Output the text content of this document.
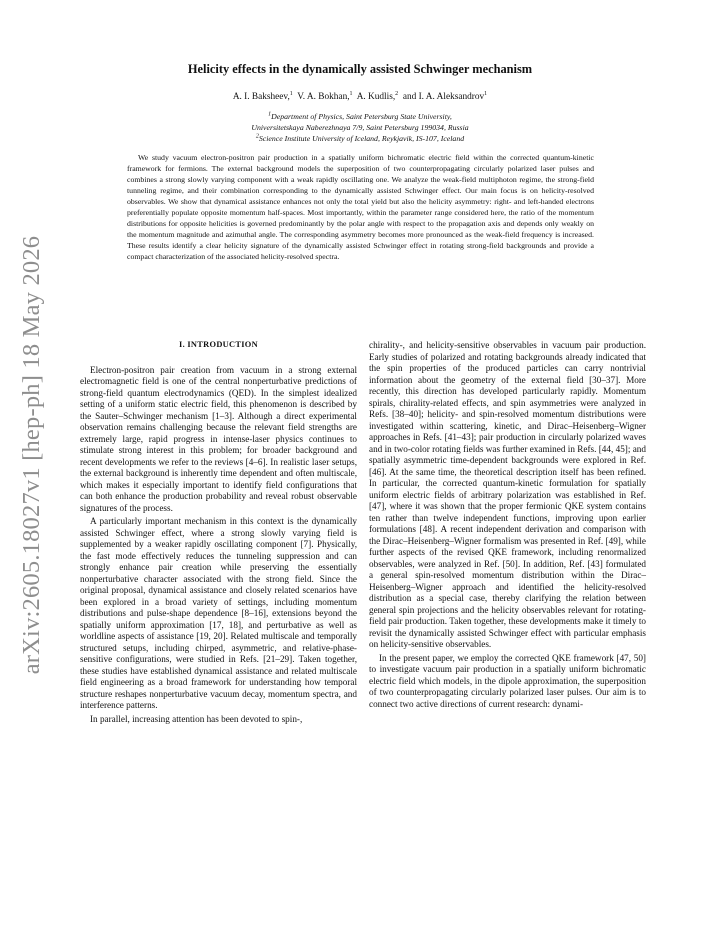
arXiv:2605.18027v1 [hep-ph] 18 May 2026
Helicity effects in the dynamically assisted Schwinger mechanism
A. I. Baksheev,$^1$ V. A. Bokhan,$^1$ A. Kudlis,$^2$ and I. A. Aleksandrov$^1$
$^1$Department of Physics, Saint Petersburg State University,
Universitetskaya Naberezhnaya 7/9, Saint Petersburg 199034, Russia
$^2$Science Institute University of Iceland, Reykjavik, IS-107, Iceland

We study vacuum electron-positron pair production in a spatially uniform bichromatic electric field within the corrected quantum-kinetic framework for fermions. The external background models the superposition of two counterpropagating circularly polarized laser pulses and combines a strong slowly varying component with a weak rapidly oscillating one. We analyze the weak-field multiphoton regime, the strong-field tunneling regime, and their combination corresponding to the dynamically assisted Schwinger effect. Our main focus is on helicity-resolved observables. We show that dynamical assistance enhances not only the total yield but also the helicity asymmetry: right- and left-handed electrons preferentially populate opposite momentum half-spaces. Most importantly, within the parameter range considered here, the ratio of the momentum distributions for opposite helicities is governed predominantly by the polar angle with respect to the propagation axis and depends only weakly on the momentum magnitude and azimuthal angle. The corresponding asymmetry becomes more pronounced as the weak-field frequency is increased. These results identify a clear helicity signature of the dynamically assisted Schwinger effect in rotating strong-field backgrounds and provide a compact characterization of the associated helicity-resolved spectra.

I. INTRODUCTION

Electron-positron pair creation from vacuum in a strong external electromagnetic field is one of the central nonperturbative predictions of strong-field quantum electrodynamics (QED). In the simplest idealized setting of a uniform static electric field, this phenomenon is described by the Sauter–Schwinger mechanism [1–3]. Although a direct experimental observation remains challenging because the relevant field strengths are extremely large, rapid progress in intense-laser physics continues to stimulate strong interest in this problem; for broader background and recent developments we refer to the reviews [4–6]. In realistic laser setups, the external background is inherently time dependent and often multiscale, which makes it especially important to identify field configurations that can both enhance the production probability and reveal robust observable signatures of the process.

A particularly important mechanism in this context is the dynamically assisted Schwinger effect, where a strong slowly varying field is supplemented by a weaker rapidly oscillating component [7]. Physically, the fast mode effectively reduces the tunneling suppression and can strongly enhance pair creation while preserving the essentially nonperturbative character associated with the strong field. Since the original proposal, dynamical assistance and closely related scenarios have been explored in a broad variety of settings, including momentum distributions and pulse-shape dependence [8–16], extensions beyond the spatially uniform approximation [17, 18], and perturbative as well as worldline aspects of assistance [19, 20]. Related multiscale and temporally structured setups, including chirped, asymmetric, and relative-phase-sensitive configurations, were studied in Refs. [21–29]. Taken together, these studies have established dynamical assistance and related multiscale field engineering as a broad framework for understanding how temporal structure reshapes nonperturbative vacuum decay, momentum spectra, and interference patterns.

In parallel, increasing attention has been devoted to spin-,

chirality-, and helicity-sensitive observables in vacuum pair production. Early studies of polarized and rotating backgrounds already indicated that the spin properties of the produced particles can carry nontrivial information about the geometry of the external field [30–37]. More recently, this direction has developed particularly rapidly. Momentum spirals, chirality-related effects, and spin asymmetries were analyzed in Refs. [38–40]; helicity- and spin-resolved momentum distributions were investigated within scattering, kinetic, and Dirac–Heisenberg–Wigner approaches in Refs. [41–43]; pair production in circularly polarized waves and in two-color rotating fields was further examined in Refs. [44, 45]; and spatially asymmetric time-dependent backgrounds were explored in Ref. [46]. At the same time, the theoretical description itself has been refined. In particular, the corrected quantum-kinetic formulation for spatially uniform electric fields of arbitrary polarization was established in Ref. [47], where it was shown that the proper fermionic QKE system contains ten rather than twelve independent functions, improving upon earlier formulations [48]. A recent independent derivation and comparison with the Dirac–Heisenberg–Wigner formalism was presented in Ref. [49], while further aspects of the revised QKE framework, including renormalized observables, were analyzed in Ref. [50]. In addition, Ref. [43] formulated a general spin-resolved momentum distribution within the Dirac–Heisenberg–Wigner approach and identified the helicity-resolved distribution as a special case, thereby clarifying the relation between general spin projections and the helicity observables relevant for rotating-field pair production. Taken together, these developments make it timely to revisit the dynamically assisted Schwinger effect with particular emphasis on helicity-sensitive observables.

In the present paper, we employ the corrected QKE framework [47, 50] to investigate vacuum pair production in a spatially uniform bichromatic electric field which models, in the dipole approximation, the superposition of two counterpropagating circularly polarized laser pulses. Our aim is to connect two active directions of current research: dynami-
